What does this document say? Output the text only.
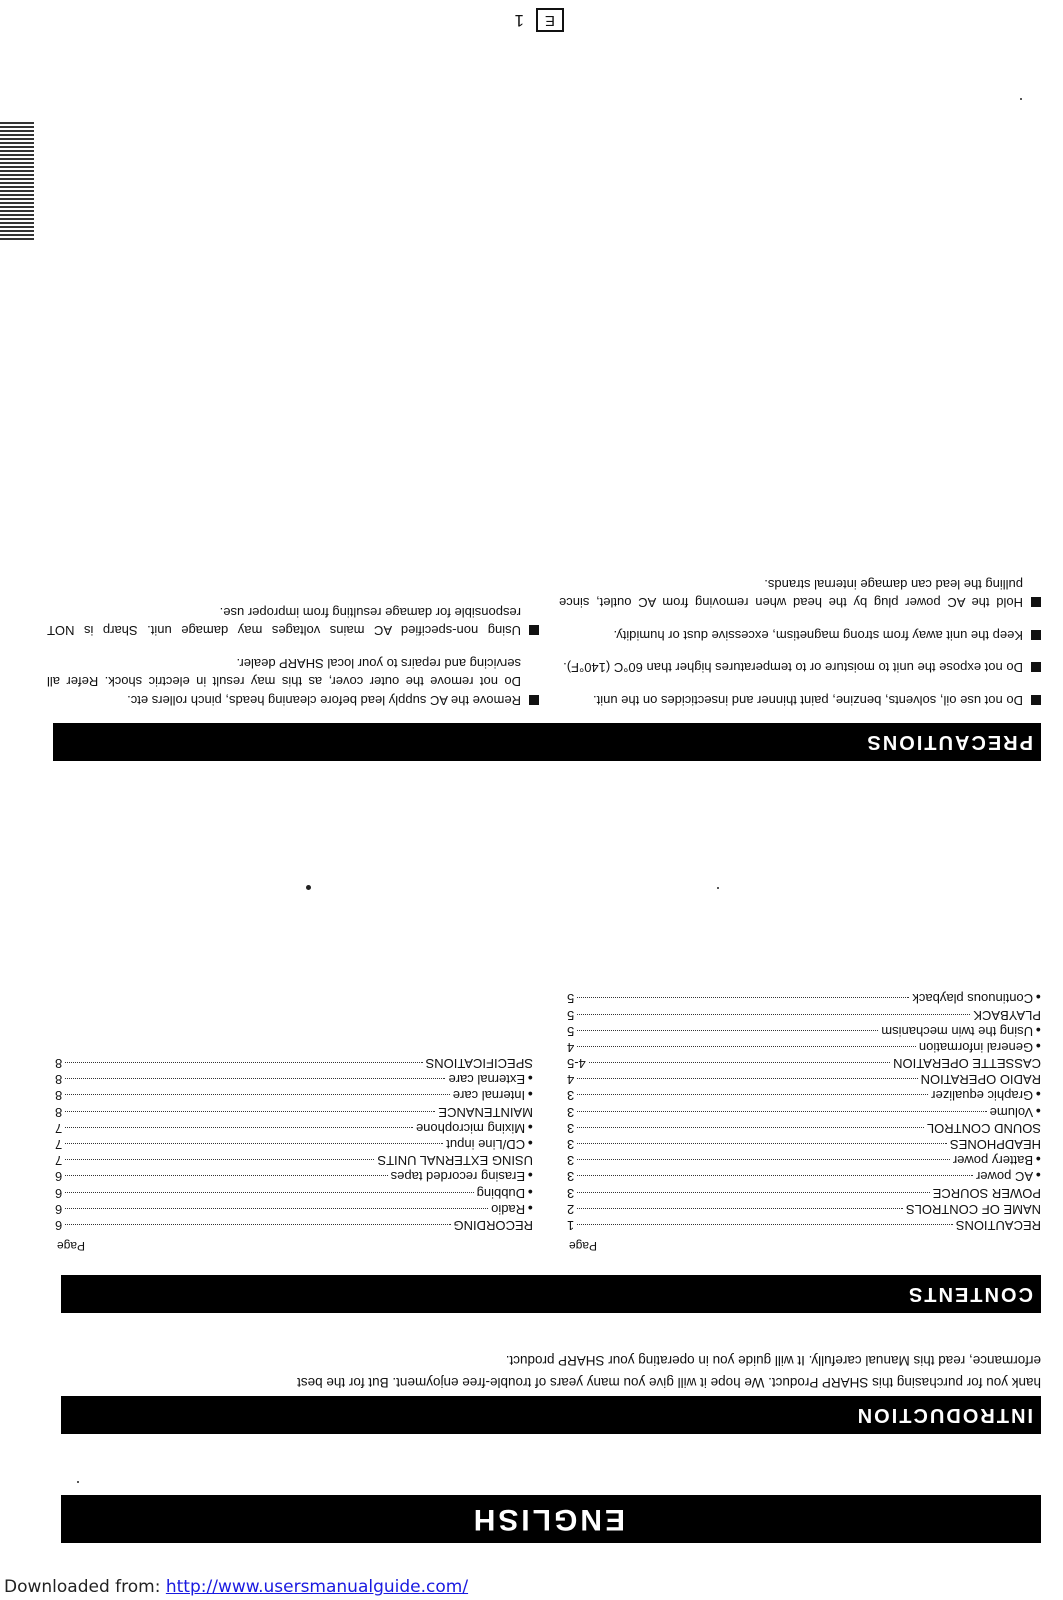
E
1
PRECAUTIONS

Do not use oil, solvents, benzine, paint thinner and insecticides on the unit.

Do not expose the unit to moisture or to temperatures higher than 60°C (140°F).

Keep the unit away from strong magnetism, excessive dust or humidity.

Hold the AC power plug by the head when removing from AC outlet, since pulling the lead can damage internal strands.

Remove the AC supply lead before cleaning heads, pinch rollers etc.
Do not remove the outer cover, as this may result in electric shock. Refer all servicing and repairs to your local SHARP dealer.

Using non-specified AC mains voltages may damage unit. Sharp is NOT responsible for damage resulting from improper use.

CONTENTS
Page
RECAUTIONS
1
NAME OF CONTROLS
2
POWER SOURCE
3
● AC power
3
● Battery power
3
HEADPHONES
3
SOUND CONTROL
3
● Volume
3
● Graphic equalizer
3
RADIO OPERATION
4
CASSETTE OPERATION
4-5
● General information
4
● Using the twin mechanism
5
PLAYBACK
5
● Continuous playback
5
Page
RECORDING
6
● Radio
6
● Dubbing
6
● Erasing recorded tapes
6
USING EXTERNAL UNITS
7
● CD/Line input
7
● Mixing microphone
7
MAINTENANCE
8
● Internal care
8
● External care
8
SPECIFICATIONS
8
INTRODUCTION
hank you for purchasing this SHARP Product. We hope it will give you many years of trouble-free enjoyment. But for the best
erformance, read this Manual carefully. It will guide you in operating your SHARP product.
ENGLISH
Downloaded from: http://www.usersmanualguide.com/
